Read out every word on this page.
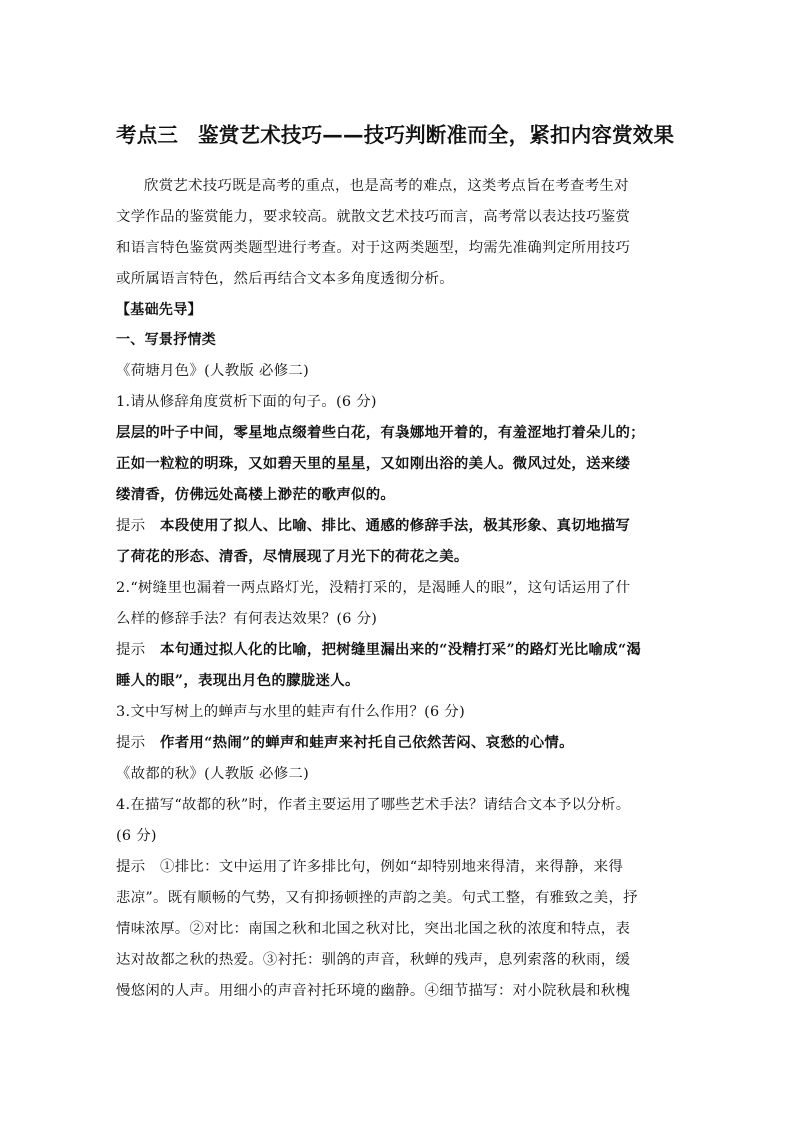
考点三 鉴赏艺术技巧——技巧判断准而全，紧扣内容赏效果
欣赏艺术技巧既是高考的重点，也是高考的难点，这类考点旨在考查考生对
文学作品的鉴赏能力，要求较高。就散文艺术技巧而言，高考常以表达技巧鉴赏
和语言特色鉴赏两类题型进行考查。对于这两类题型，均需先准确判定所用技巧
或所属语言特色，然后再结合文本多角度透彻分析。
【基础先导】
一、写景抒情类
《荷塘月色》(人教版 必修二)
1.请从修辞角度赏析下面的句子。(6 分)
层层的叶子中间，零星地点缀着些白花，有袅娜地开着的，有羞涩地打着朵儿的；
正如一粒粒的明珠，又如碧天里的星星，又如刚出浴的美人。微风过处，送来缕
缕清香，仿佛远处高楼上渺茫的歌声似的。
提示 本段使用了拟人、比喻、排比、通感的修辞手法，极其形象、真切地描写
了荷花的形态、清香，尽情展现了月光下的荷花之美。
2.“树缝里也漏着一两点路灯光，没精打采的，是渴睡人的眼”，这句话运用了什
么样的修辞手法？有何表达效果？(6 分)
提示 本句通过拟人化的比喻，把树缝里漏出来的“没精打采”的路灯光比喻成“渴
睡人的眼”，表现出月色的朦胧迷人。
3.文中写树上的蝉声与水里的蛙声有什么作用？(6 分)
提示 作者用“热闹”的蝉声和蛙声来衬托自己依然苦闷、哀愁的心情。
《故都的秋》(人教版 必修二)
4.在描写“故都的秋”时，作者主要运用了哪些艺术手法？请结合文本予以分析。
(6 分)
提示 ①排比：文中运用了许多排比句，例如“却特别地来得清，来得静，来得
悲凉”。既有顺畅的气势，又有抑扬顿挫的声韵之美。句式工整，有雅致之美，抒
情味浓厚。②对比：南国之秋和北国之秋对比，突出北国之秋的浓度和特点，表
达对故都之秋的热爱。③衬托：驯鸽的声音，秋蝉的残声，息列索落的秋雨，缓
慢悠闲的人声。用细小的声音衬托环境的幽静。④细节描写：对小院秋晨和秋槐
